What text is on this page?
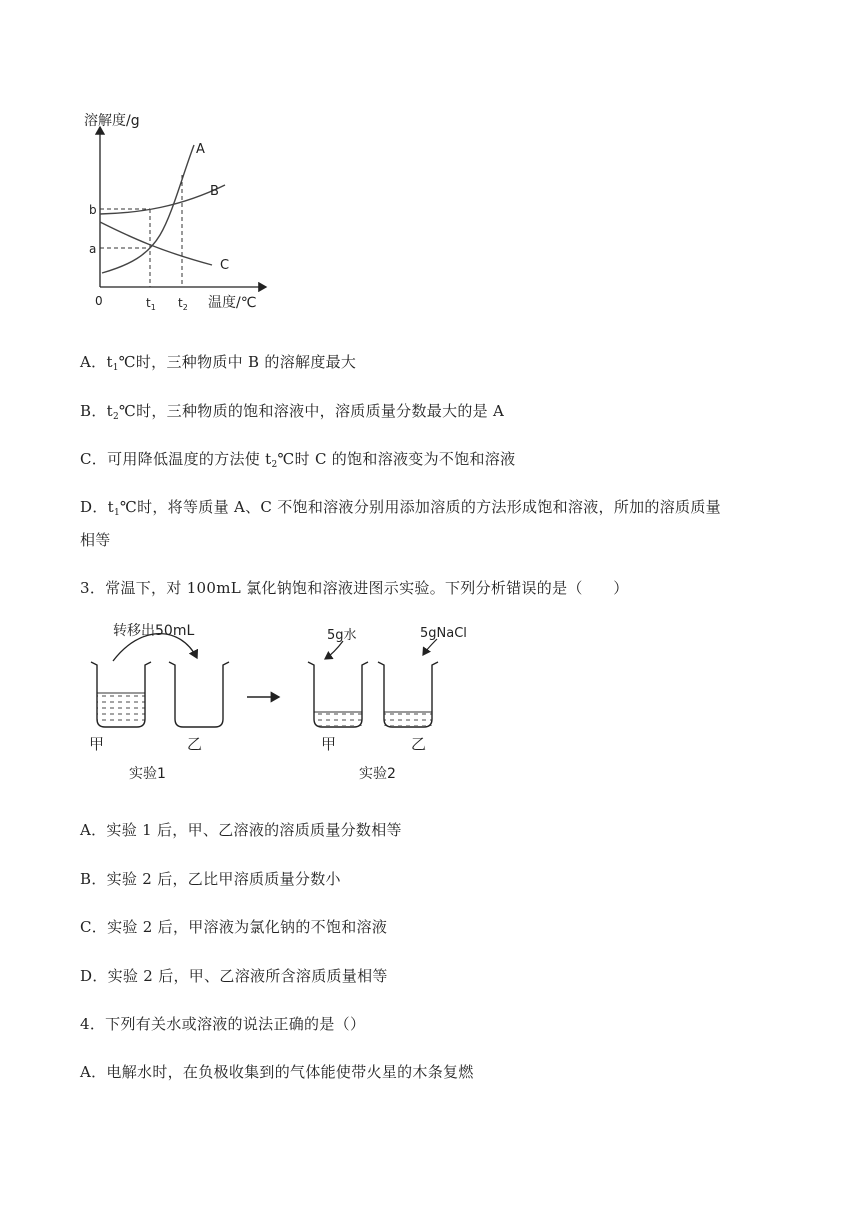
溶解度/g
温度/℃
0
b
a
$t_1$ $t_2$
A
B
C
A．$t_1℃$时，三种物质中 B 的溶解度最大
B．$t_2℃$时，三种物质的饱和溶液中，溶质质量分数最大的是 A
C．可用降低温度的方法使 $t_2℃$时 C 的饱和溶液变为不饱和溶液
D．$t_1℃$时，将等质量 A、C 不饱和溶液分别用添加溶质的方法形成饱和溶液，所加的溶质质量
相等
3．常温下，对 100mL 氯化钠饱和溶液进图示实验。下列分析错误的是（　　）
转移出50mL	5g水	5gNaCl
甲	乙	甲	乙
实验1	实验2
A．实验 1 后，甲、乙溶液的溶质质量分数相等
B．实验 2 后，乙比甲溶质质量分数小
C．实验 2 后，甲溶液为氯化钠的不饱和溶液
D．实验 2 后，甲、乙溶液所含溶质质量相等
4．下列有关水或溶液的说法正确的是（）
A．电解水时，在负极收集到的气体能使带火星的木条复燃
